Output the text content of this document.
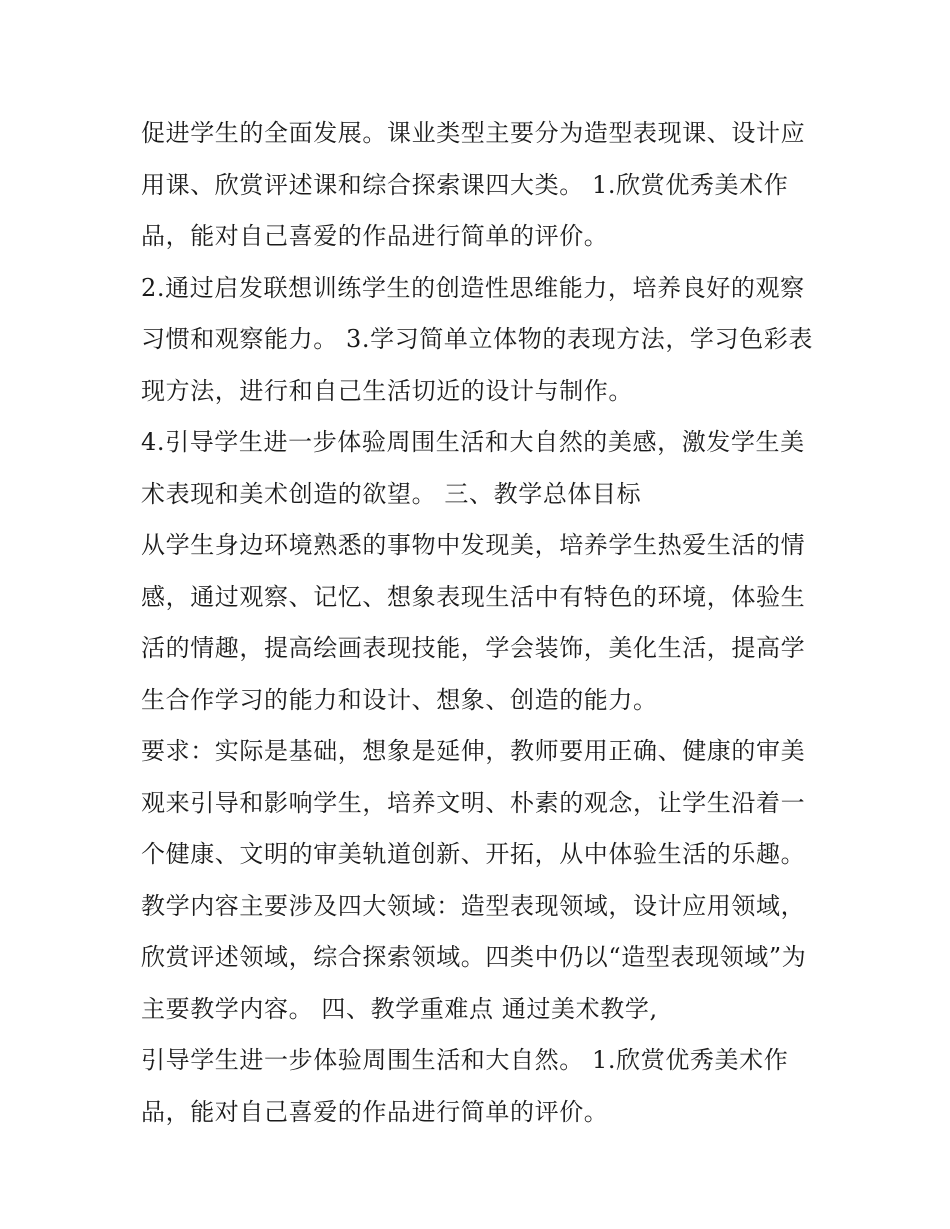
促进学生的全面发展。课业类型主要分为造型表现课、设计应
用课、欣赏评述课和综合探索课四大类。 1.欣赏优秀美术作
品，能对自己喜爱的作品进行简单的评价。
2.通过启发联想训练学生的创造性思维能力，培养良好的观察
习惯和观察能力。 3.学习简单立体物的表现方法，学习色彩表
现方法，进行和自己生活切近的设计与制作。
4.引导学生进一步体验周围生活和大自然的美感，激发学生美
术表现和美术创造的欲望。 三、教学总体目标
从学生身边环境熟悉的事物中发现美，培养学生热爱生活的情
感，通过观察、记忆、想象表现生活中有特色的环境，体验生
活的情趣，提高绘画表现技能，学会装饰，美化生活，提高学
生合作学习的能力和设计、想象、创造的能力。
要求：实际是基础，想象是延伸，教师要用正确、健康的审美
观来引导和影响学生，培养文明、朴素的观念，让学生沿着一
个健康、文明的审美轨道创新、开拓，从中体验生活的乐趣。
教学内容主要涉及四大领域：造型表现领域，设计应用领域，
欣赏评述领域，综合探索领域。四类中仍以“造型表现领域”为
主要教学内容。 四、教学重难点 通过美术教学,
引导学生进一步体验周围生活和大自然。 1.欣赏优秀美术作
品，能对自己喜爱的作品进行简单的评价。
